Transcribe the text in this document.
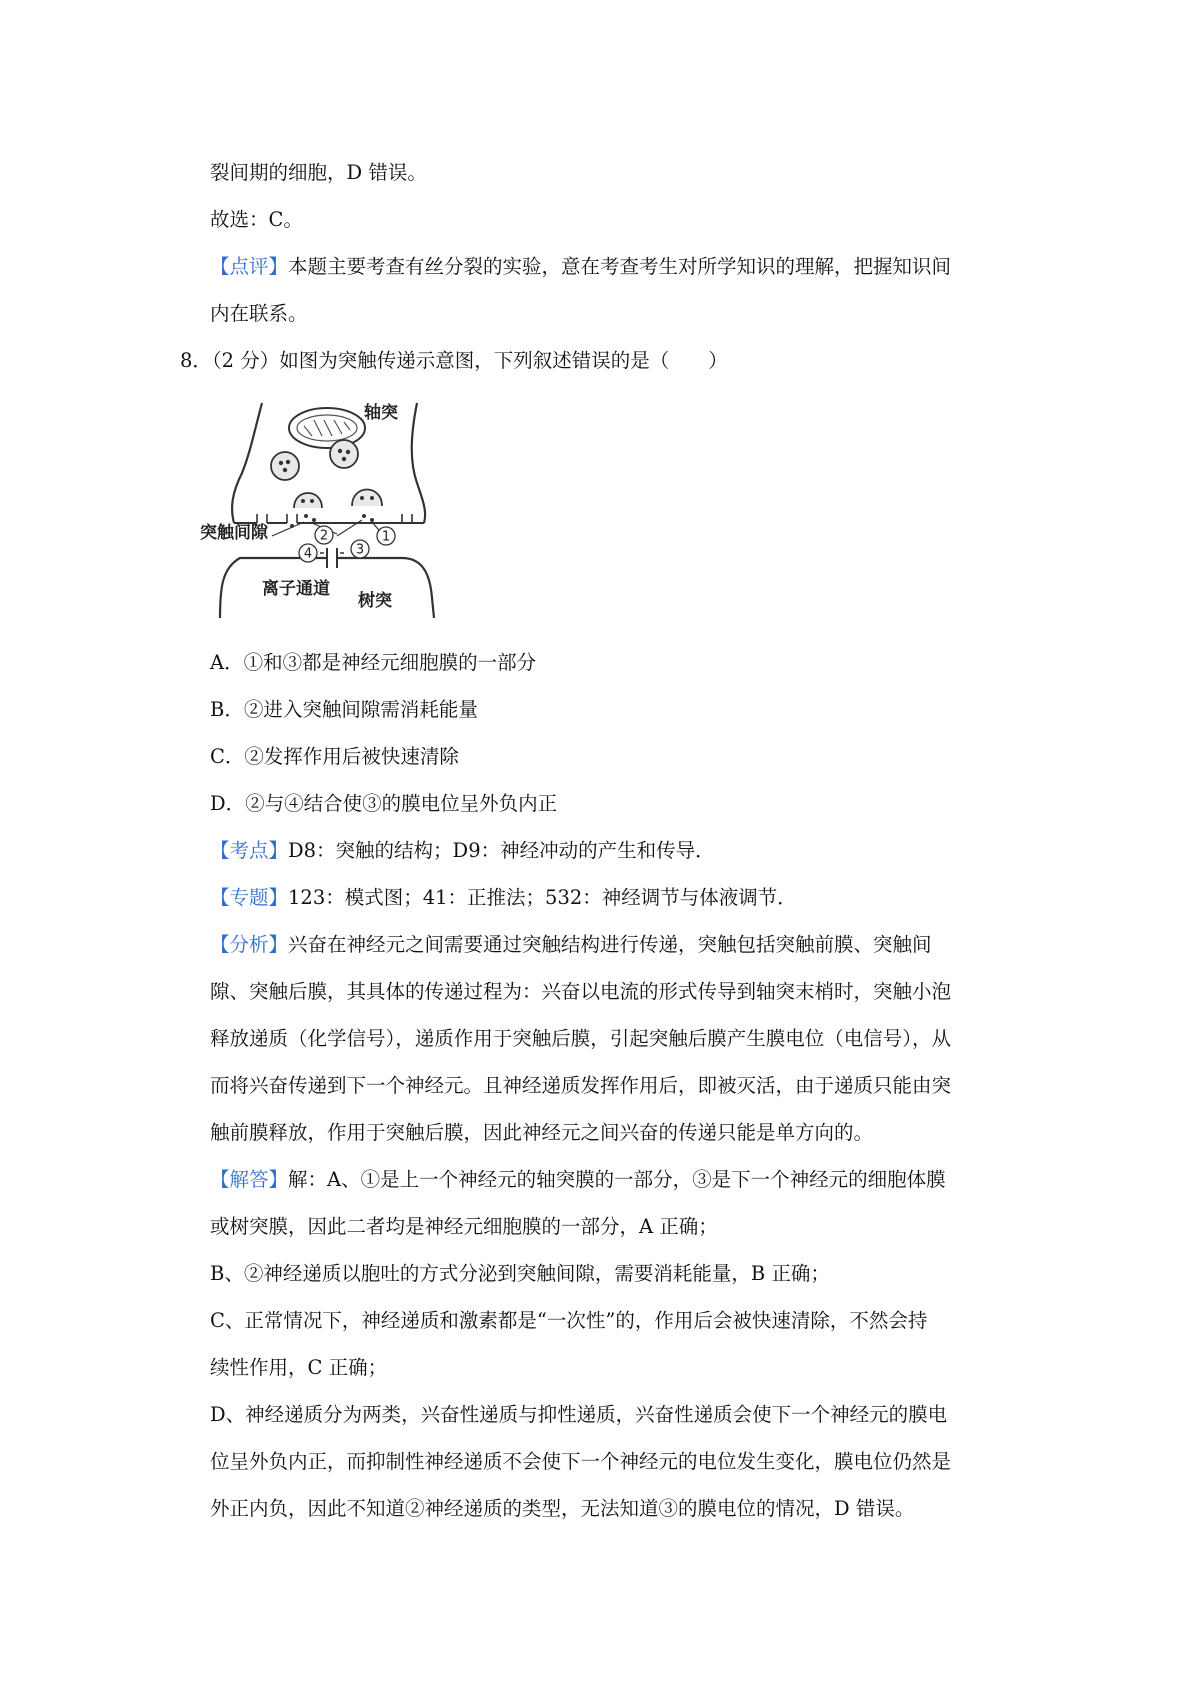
裂间期的细胞，D 错误。
故选：C。
【点评】本题主要考查有丝分裂的实验，意在考查考生对所学知识的理解，把握知识间
内在联系。
8．（2 分）如图为突触传递示意图，下列叙述错误的是（　　）
2	1
3
4
轴突
突触间隙
离子通道
树突
A．①和③都是神经元细胞膜的一部分
B．②进入突触间隙需消耗能量
C．②发挥作用后被快速清除
D．②与④结合使③的膜电位呈外负内正
【考点】D8：突触的结构；D9：神经冲动的产生和传导．
【专题】123：模式图；41：正推法；532：神经调节与体液调节．
【分析】兴奋在神经元之间需要通过突触结构进行传递，突触包括突触前膜、突触间
隙、突触后膜，其具体的传递过程为：兴奋以电流的形式传导到轴突末梢时，突触小泡
释放递质（化学信号），递质作用于突触后膜，引起突触后膜产生膜电位（电信号），从
而将兴奋传递到下一个神经元。且神经递质发挥作用后，即被灭活，由于递质只能由突
触前膜释放，作用于突触后膜，因此神经元之间兴奋的传递只能是单方向的。
【解答】解：A、①是上一个神经元的轴突膜的一部分，③是下一个神经元的细胞体膜
或树突膜，因此二者均是神经元细胞膜的一部分，A 正确；
B、②神经递质以胞吐的方式分泌到突触间隙，需要消耗能量，B 正确；
C、正常情况下，神经递质和激素都是“一次性”的，作用后会被快速清除，不然会持
续性作用，C 正确；
D、神经递质分为两类，兴奋性递质与抑性递质，兴奋性递质会使下一个神经元的膜电
位呈外负内正，而抑制性神经递质不会使下一个神经元的电位发生变化，膜电位仍然是
外正内负，因此不知道②神经递质的类型，无法知道③的膜电位的情况，D 错误。
